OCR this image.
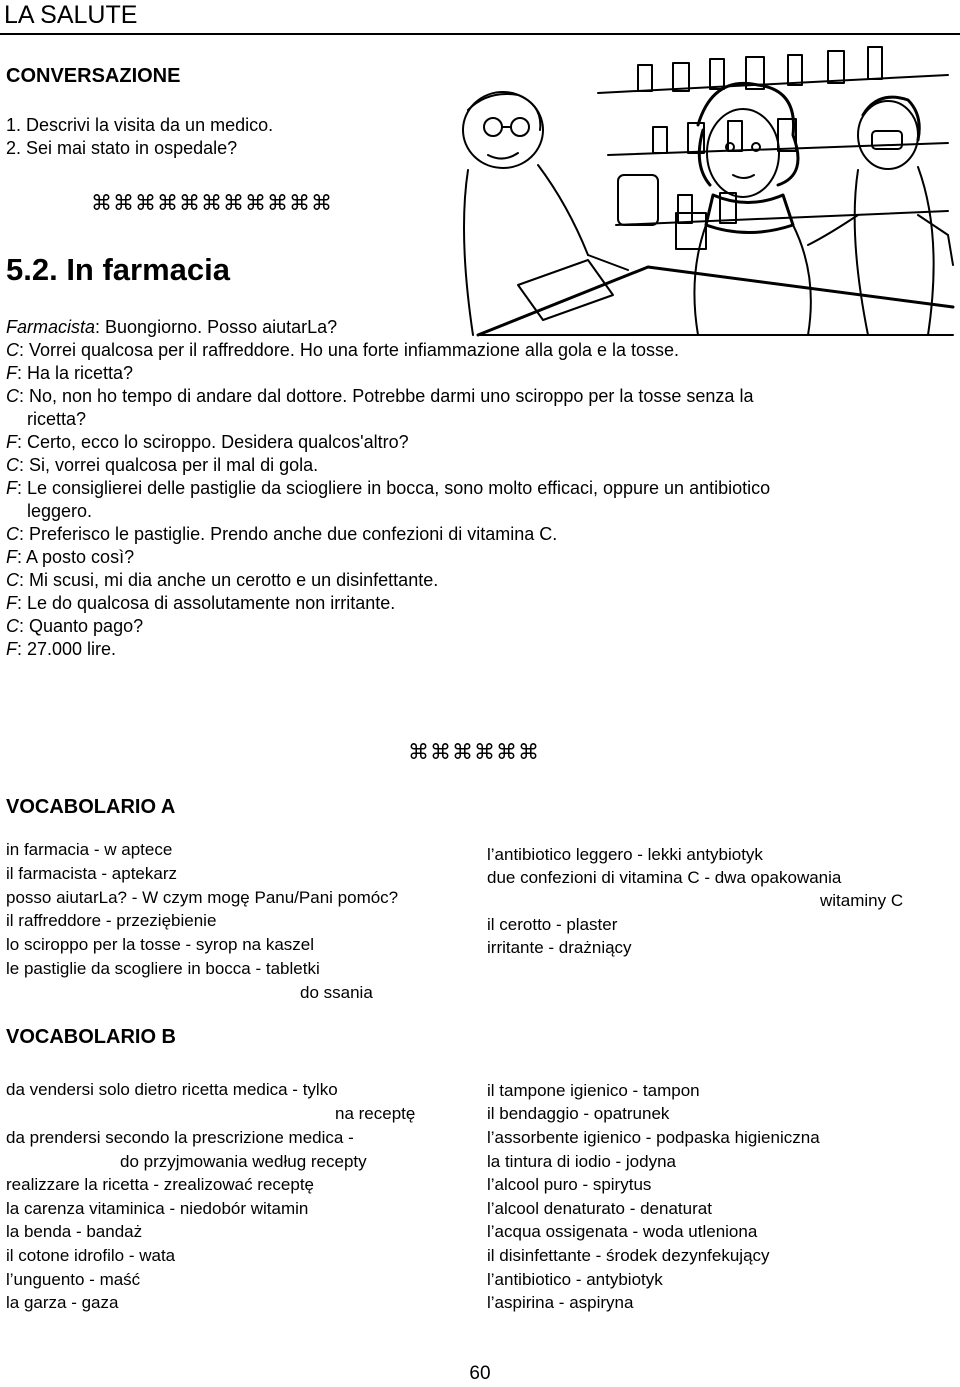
LA SALUTE
CONVERSAZIONE
1. Descrivi la visita da un medico.
2. Sei mai stato in ospedale?
⌘⌘⌘⌘⌘⌘⌘⌘⌘⌘⌘
5.2. In farmacia
Farmacista: Buongiorno. Posso aiutarLa?
C: Vorrei qualcosa per il raffreddore. Ho una forte infiammazione alla gola e la tosse.
F: Ha la ricetta?
C: No, non ho tempo di andare dal dottore. Potrebbe darmi uno sciroppo per la tosse senza la
ricetta?
F: Certo, ecco lo sciroppo. Desidera qualcos'altro?
C: Si, vorrei qualcosa per il mal di gola.
F: Le consiglierei delle pastiglie da sciogliere in bocca, sono molto efficaci, oppure un antibiotico
leggero.
C: Preferisco le pastiglie. Prendo anche due confezioni di vitamina C.
F: A posto così?
C: Mi scusi, mi dia anche un cerotto e un disinfettante.
F: Le do qualcosa di assolutamente non irritante.
C: Quanto pago?
F: 27.000 lire.
⌘⌘⌘⌘⌘⌘
VOCABOLARIO A
in farmacia - w aptece
il farmacista - aptekarz
posso aiutarLa? - W czym mogę Panu/Pani pomóc?
il raffreddore - przeziębienie
lo sciroppo per la tosse - syrop na kaszel
le pastiglie da scogliere in bocca - tabletki
do ssania
l’antibiotico leggero - lekki antybiotyk
due confezioni di vitamina C - dwa opakowania
witaminy C
il cerotto - plaster
irritante - drażniący
VOCABOLARIO B
da vendersi solo dietro ricetta medica - tylko
na receptę
da prendersi secondo la prescrizione medica -
do przyjmowania według recepty
realizzare la ricetta - zrealizować receptę
la carenza vitaminica - niedobór witamin
la benda - bandaż
il cotone idrofilo - wata
l’unguento - maść
la garza - gaza
il tampone igienico - tampon
il bendaggio - opatrunek
l’assorbente igienico - podpaska higieniczna
la tintura di iodio - jodyna
l’alcool puro - spirytus
l’alcool denaturato - denaturat
l’acqua ossigenata - woda utleniona
il disinfettante - środek dezynfekujący
l’antibiotico - antybiotyk
l’aspirina - aspiryna
60
